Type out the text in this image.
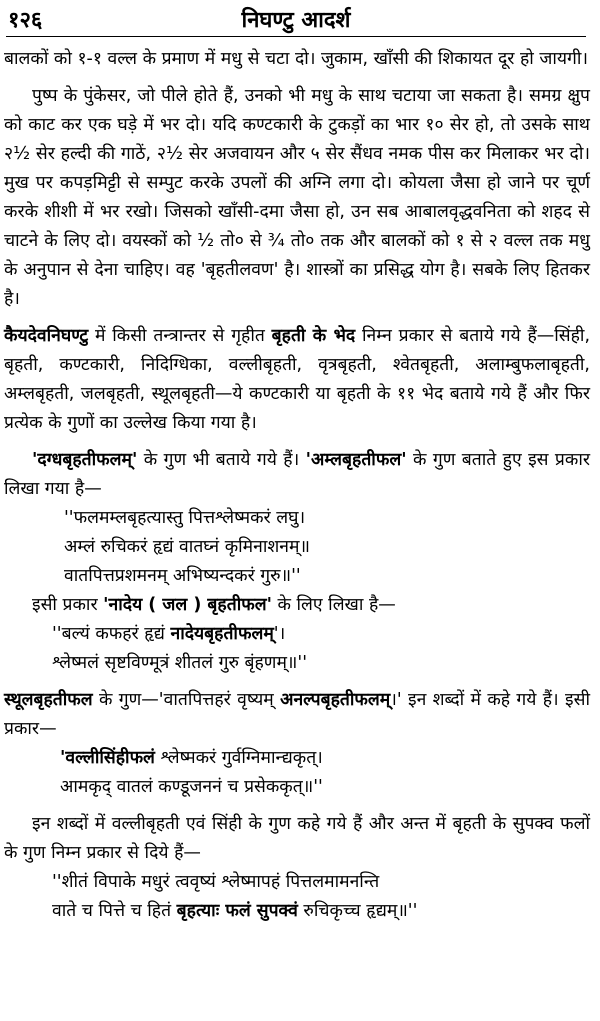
१२६	निघण्टु आदर्श

बालकों को १-१ वल्ल के प्रमाण में मधु से चटा दो। जुकाम, खाँसी की शिकायत दूर हो जायगी।

पुष्प के पुंकेसर, जो पीले होते हैं, उनको भी मधु के साथ चटाया जा सकता है। समग्र क्षुप को काट कर एक घड़े में भर दो। यदि कण्टकारी के टुकड़ों का भार १० सेर हो, तो उसके साथ २½ सेर हल्दी की गाठें, २½ सेर अजवायन और ५ सेर सैंधव नमक पीस कर मिलाकर भर दो। मुख पर कपड़मिट्टी से सम्पुट करके उपलों की अग्नि लगा दो। कोयला जैसा हो जाने पर चूर्ण करके शीशी में भर रखो। जिसको खाँसी-दमा जैसा हो, उन सब आबालवृद्धवनिता को शहद से चाटने के लिए दो। वयस्कों को ½ तो० से ¾ तो० तक और बालकों को १ से २ वल्ल तक मधु के अनुपान से देना चाहिए। वह 'बृहतीलवण' है। शास्त्रों का प्रसिद्ध योग है। सबके लिए हितकर है।

कैयदेवनिघण्टु में किसी तन्त्रान्तर से गृहीत बृहती के भेद निम्न प्रकार से बताये गये हैं—सिंही, बृहती, कण्टकारी, निदिग्धिका, वल्लीबृहती, वृत्रबृहती, श्वेतबृहती, अलाम्बुफलाबृहती, अम्लबृहती, जलबृहती, स्थूलबृहती—ये कण्टकारी या बृहती के ११ भेद बताये गये हैं और फिर प्रत्येक के गुणों का उल्लेख किया गया है।

'दग्धबृहतीफलम्' के गुण भी बताये गये हैं। 'अम्लबृहतीफल' के गुण बताते हुए इस प्रकार लिखा गया है—

''फलमम्लबृहत्यास्तु पित्तश्लेष्मकरं लघु।
अम्लं रुचिकरं हृद्यं वातघ्नं कृमिनाशनम्॥
वातपित्तप्रशमनम् अभिष्यन्दकरं गुरु॥''

इसी प्रकार 'नादेय ( जल ) बृहतीफल' के लिए लिखा है—

''बल्यं कफहरं हृद्यं नादेयबृहतीफलम्'।
श्लेष्मलं सृष्टविण्मूत्रं शीतलं गुरु बृंहणम्॥''

स्थूलबृहतीफल के गुण—'वातपित्तहरं वृष्यम् अनल्पबृहतीफलम्।' इन शब्दों में कहे गये हैं। इसी प्रकार—

'वल्लीसिंहीफलं श्लेष्मकरं गुर्वग्निमान्द्यकृत्।
आमकृद् वातलं कण्डूजननं च प्रसेककृत्॥''

इन शब्दों में वल्लीबृहती एवं सिंही के गुण कहे गये हैं और अन्त में बृहती के सुपक्व फलों के गुण निम्न प्रकार से दिये हैं—

''शीतं विपाके मधुरं त्ववृष्यं श्लेष्मापहं पित्तलमामनन्ति
वाते च पित्ते च हितं बृहत्याः फलं सुपक्वं रुचिकृच्च हृद्यम्॥''
